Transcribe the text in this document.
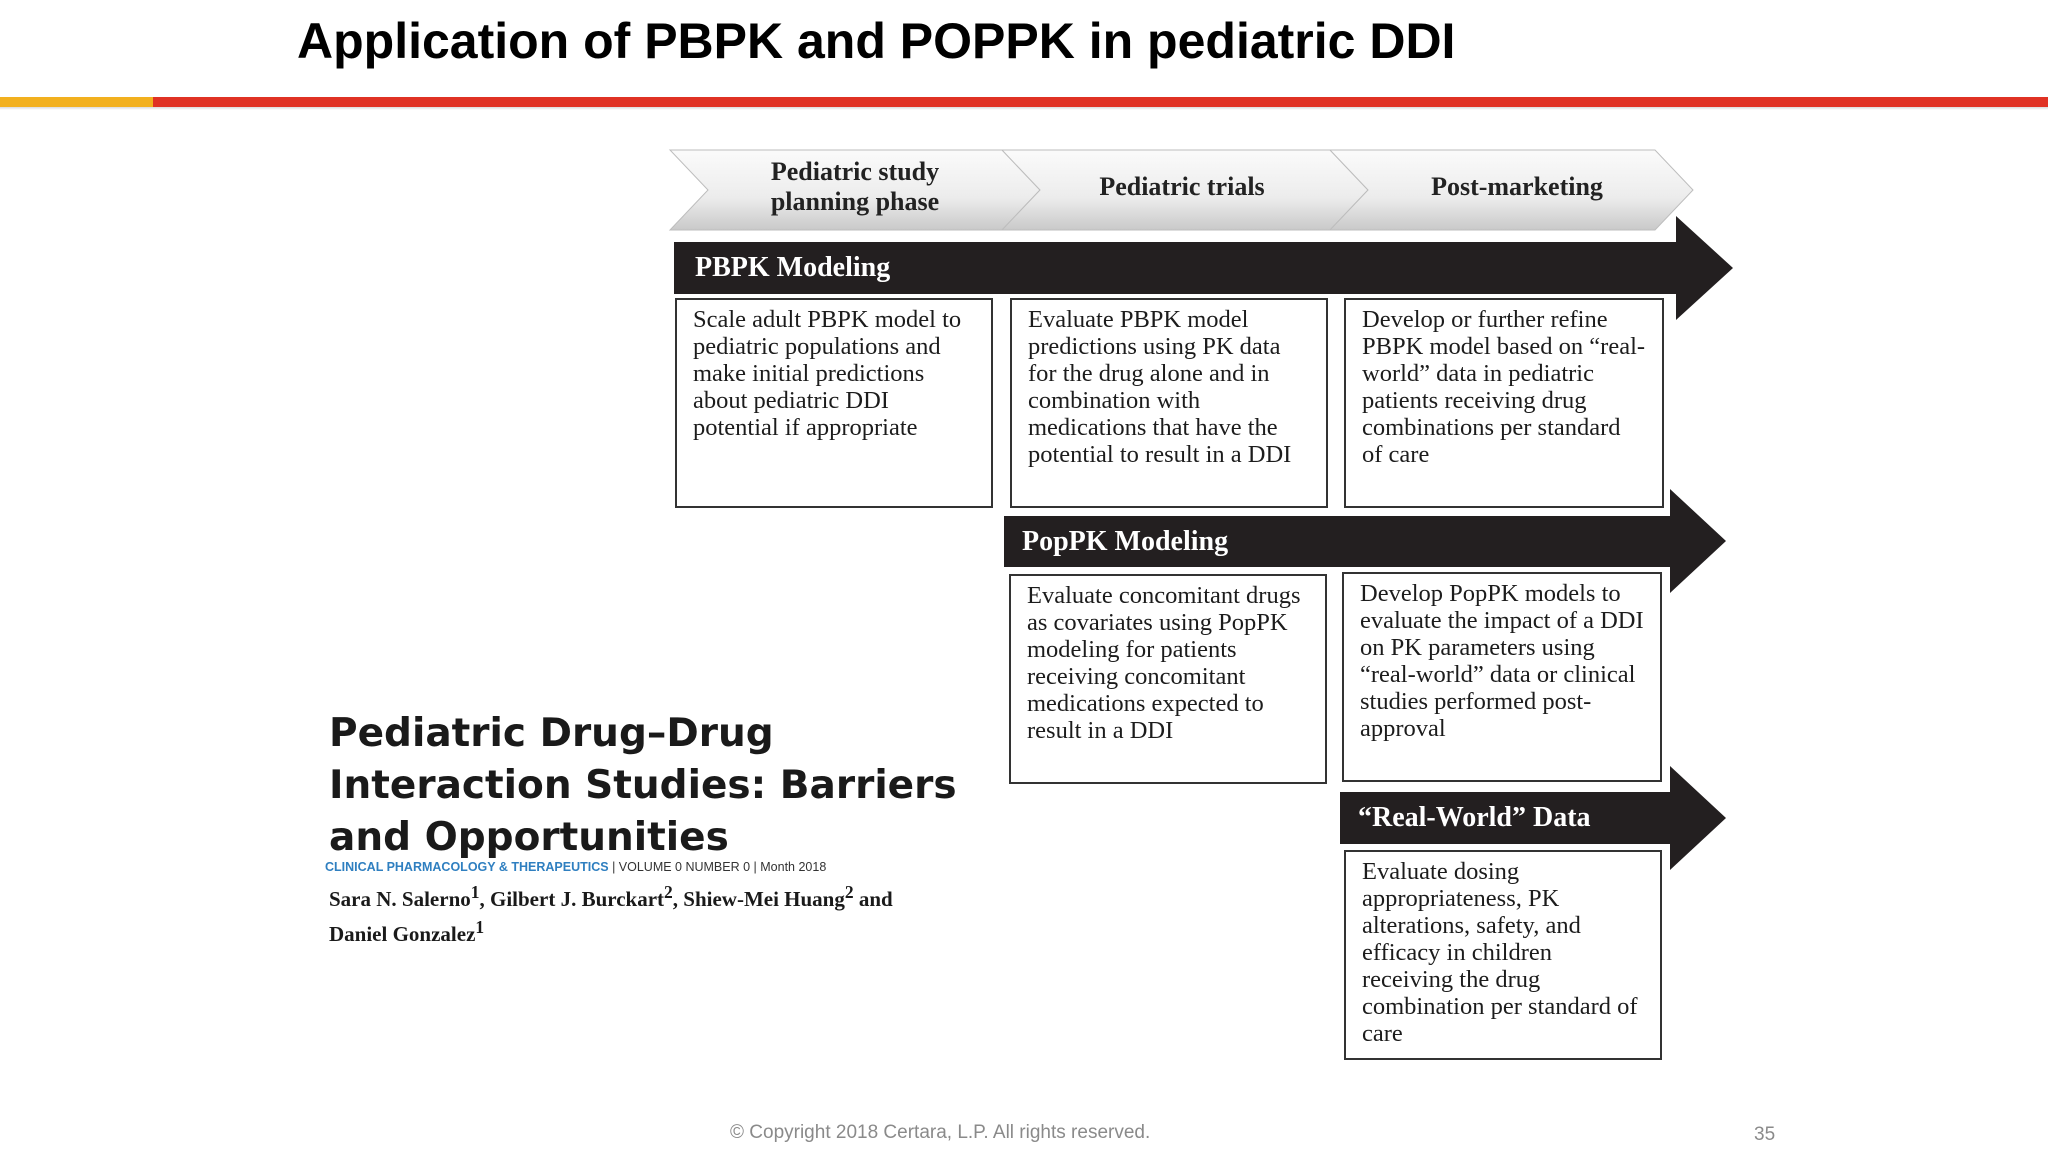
Application of PBPK and POPPK in pediatric DDI
Pediatric study planning phase
Pediatric trials	Post-marketing
PBPK Modeling
PopPK Modeling
“Real-World” Data
Scale adult PBPK model to pediatric populations and make initial predictions about pediatric DDI potential if appropriate
Evaluate PBPK model predictions using PK data for the drug alone and in combination with medications that have the potential to result in a DDI
Develop or further refine PBPK model based on “real-world” data in pediatric patients receiving drug combinations per standard of care
Evaluate concomitant drugs as covariates using PopPK modeling for patients receiving concomitant medications expected to result in a DDI
Develop PopPK models to evaluate the impact of a DDI on PK parameters using “real-world” data or clinical studies performed post-approval
Evaluate dosing appropriateness, PK alterations, safety, and efficacy in children receiving the drug combination per standard of care
Pediatric Drug–Drug Interaction Studies: Barriers and Opportunities
CLINICAL PHARMACOLOGY & THERAPEUTICS | VOLUME 0 NUMBER 0 | Month 2018
Sara N. Salerno$^1$, Gilbert J. Burckart$^2$, Shiew-Mei Huang$^2$ and Daniel Gonzalez$^1$
© Copyright 2018 Certara, L.P. All rights reserved.	35
